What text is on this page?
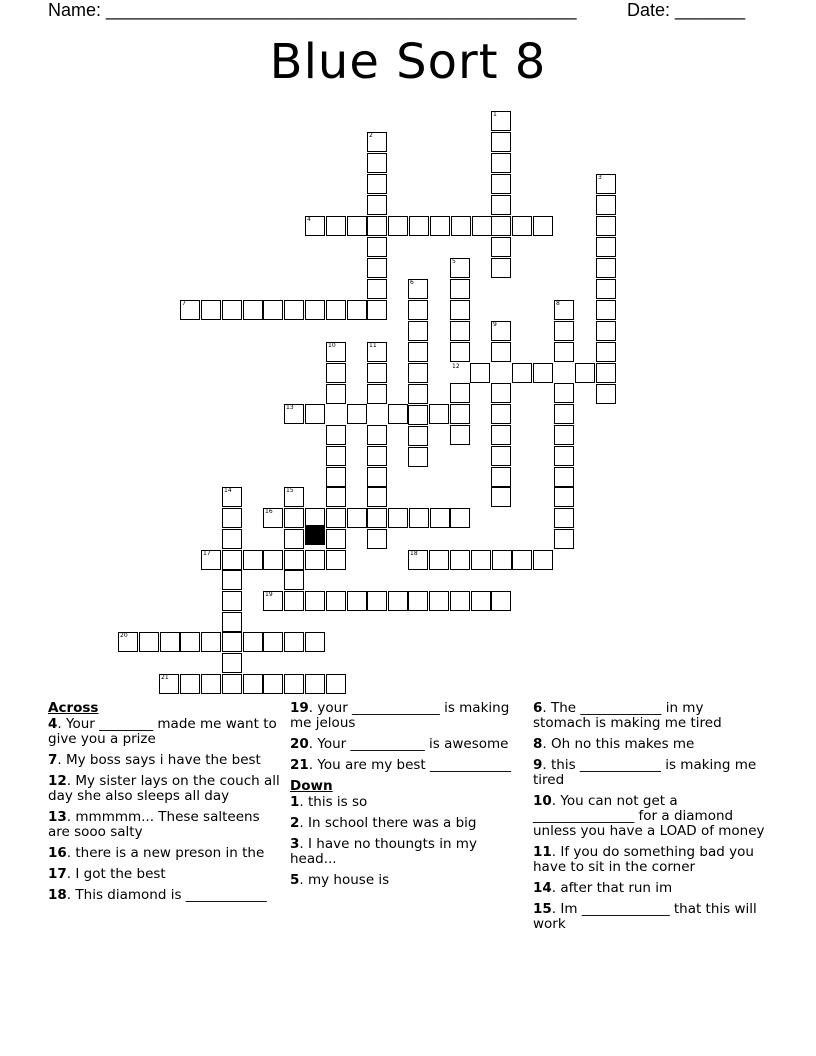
Name: _______________________________________________	Date: _______
Blue Sort 8
1
2
3
4
5
6
7	8
9
10	11
12
13
14	15
16
17	18
19
20
21
Across
4. Your ________ made me want to give you a prize
7. My boss says i have the best
12. My sister lays on the couch all day she also sleeps all day
13. mmmmm... These salteens are sooo salty
16. there is a new preson in the
17. I got the best
18. This diamond is ____________
19. your _____________ is making me jelous
20. Your ___________ is awesome
21. You are my best ____________
Down
1. this is so
2. In school there was a big
3. I have no thoungts in my head...
5. my house is
6. The ____________ in my stomach is making me tired
8. Oh no this makes me
9. this ____________ is making me tired
10. You can not get a _______________ for a diamond unless you have a LOAD of money
11. If you do something bad you have to sit in the corner
14. after that run im
15. Im _____________ that this will work
